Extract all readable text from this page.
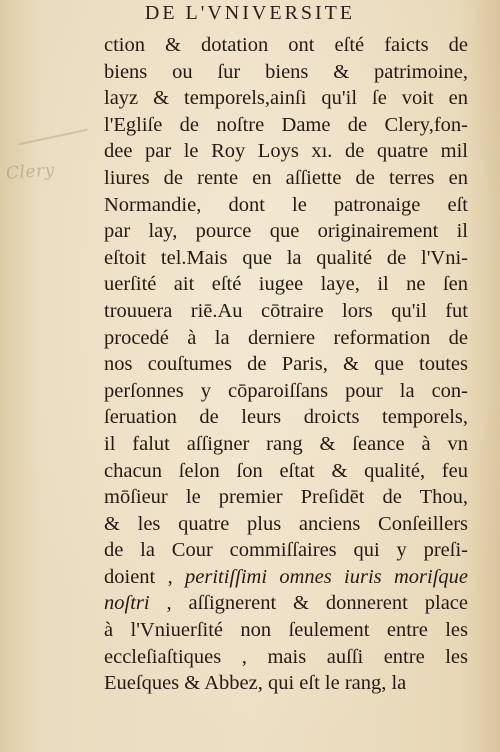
Clery
DE L'VNIVERSITE
ction & dotation ont eſté faicts de
biens ou ſur biens & patrimoine,
layz & temporels,ainſi qu'il ſe voit en
l'Egliſe de noſtre Dame de Clery,fon-
dee par le Roy Loys xı. de quatre mil
liures de rente en aſſiette de terres en
Normandie, dont le patronaige eſt
par lay, pource que originairement il
eſtoit tel.Mais que la qualité de l'Vni-
uerſité ait eſté iugee laye, il ne ſen
trouuera riē.Au cōtraire lors qu'il fut
procedé à la derniere reformation de
nos couſtumes de Paris, & que toutes
perſonnes y cōparoiſſans pour la con-
ſeruation de leurs droicts temporels,
il falut aſſigner rang & ſeance à vn
chacun ſelon ſon eſtat & qualité, feu
mōſieur le premier Preſidēt de Thou,
& les quatre plus anciens Conſeillers
de la Cour commiſſaires qui y preſi-
doient , peritiſſimi omnes iuris moriſque
noſtri , aſſignerent & donnerent place
à l'Vniuerſité non ſeulement entre les
eccleſiaſtiques , mais auſſi entre les
Eueſques & Abbez, qui eſt le rang, la
